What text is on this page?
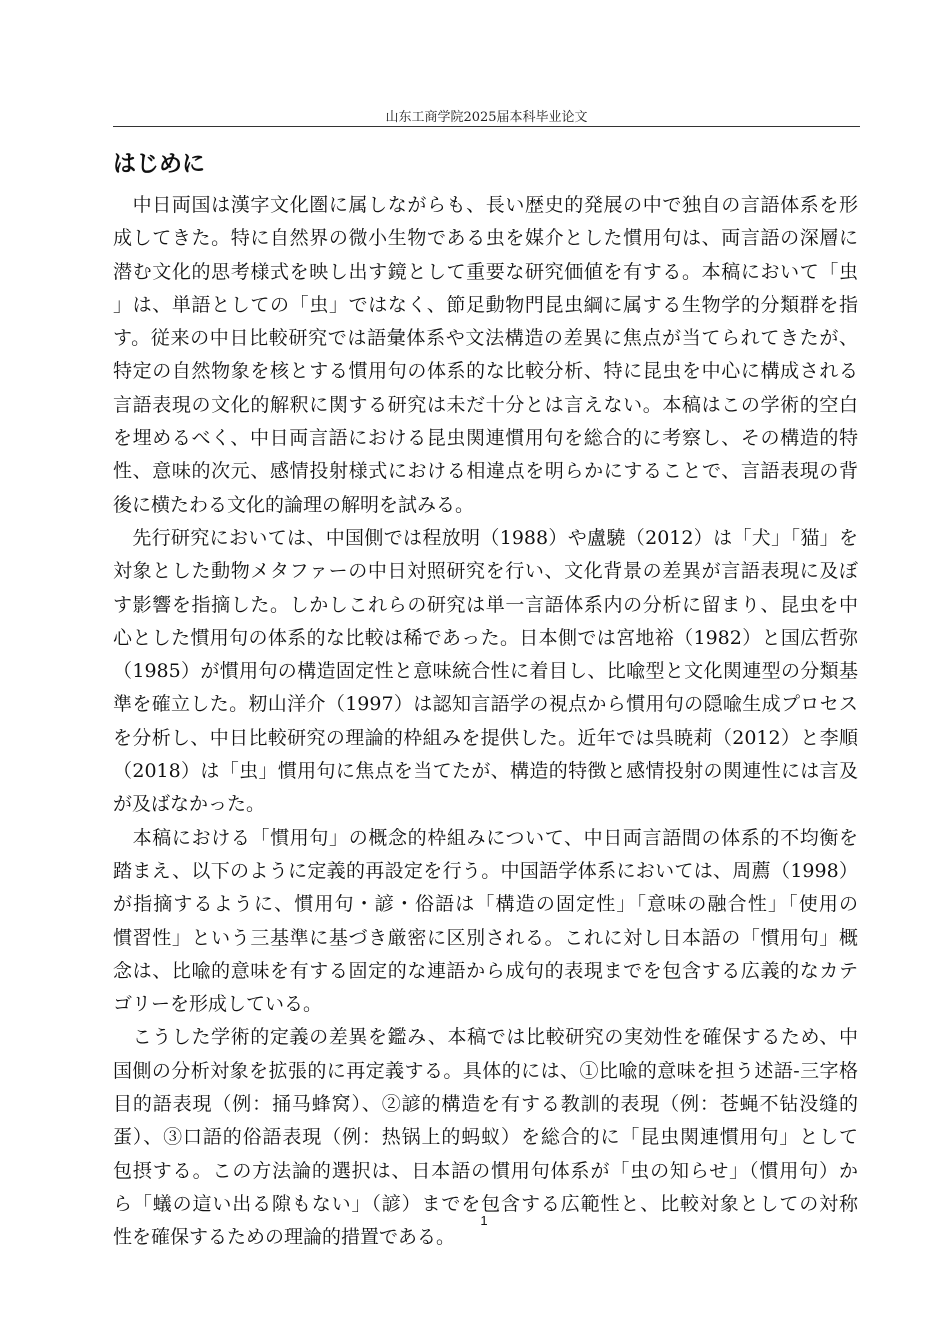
山东工商学院2025届本科毕业论文
はじめに
　中日両国は漢字文化圏に属しながらも、長い歴史的発展の中で独自の言語体系を形
成してきた。特に自然界の微小生物である虫を媒介とした慣用句は、両言語の深層に
潜む文化的思考様式を映し出す鏡として重要な研究価値を有する。本稿において「虫
」は、単語としての「虫」ではなく、節足動物門昆虫綱に属する生物学的分類群を指
す。従来の中日比較研究では語彙体系や文法構造の差異に焦点が当てられてきたが、
特定の自然物象を核とする慣用句の体系的な比較分析、特に昆虫を中心に構成される
言語表現の文化的解釈に関する研究は未だ十分とは言えない。本稿はこの学術的空白
を埋めるべく、中日両言語における昆虫関連慣用句を総合的に考察し、その構造的特
性、意味的次元、感情投射様式における相違点を明らかにすることで、言語表現の背
後に横たわる文化的論理の解明を試みる。
　先行研究においては、中国側では程放明（1988）や盧驍（2012）は「犬」「猫」を
対象とした動物メタファーの中日対照研究を行い、文化背景の差異が言語表現に及ぼ
す影響を指摘した。しかしこれらの研究は単一言語体系内の分析に留まり、昆虫を中
心とした慣用句の体系的な比較は稀であった。日本側では宮地裕（1982）と国広哲弥
（1985）が慣用句の構造固定性と意味統合性に着目し、比喩型と文化関連型の分類基
準を確立した。籾山洋介（1997）は認知言語学の視点から慣用句の隠喩生成プロセス
を分析し、中日比較研究の理論的枠組みを提供した。近年では呉暁莉（2012）と李順
（2018）は「虫」慣用句に焦点を当てたが、構造的特徴と感情投射の関連性には言及
が及ばなかった。
　本稿における「慣用句」の概念的枠組みについて、中日両言語間の体系的不均衡を
踏まえ、以下のように定義的再設定を行う。中国語学体系においては、周薦（1998）
が指摘するように、慣用句・諺・俗語は「構造の固定性」「意味の融合性」「使用の
慣習性」という三基準に基づき厳密に区別される。これに対し日本語の「慣用句」概
念は、比喩的意味を有する固定的な連語から成句的表現までを包含する広義的なカテ
ゴリーを形成している。
　こうした学術的定義の差異を鑑み、本稿では比較研究の実効性を確保するため、中
国側の分析対象を拡張的に再定義する。具体的には、①比喩的意味を担う述語-三字格
目的語表現（例：捅马蜂窝）、②諺的構造を有する教訓的表現（例：苍蝇不钻没缝的
蛋）、③口語的俗語表現（例：热锅上的蚂蚁）を総合的に「昆虫関連慣用句」として
包摂する。この方法論的選択は、日本語の慣用句体系が「虫の知らせ」（慣用句）か
ら「蟻の這い出る隙もない」（諺）までを包含する広範性と、比較対象としての対称
性を確保するための理論的措置である。
1
